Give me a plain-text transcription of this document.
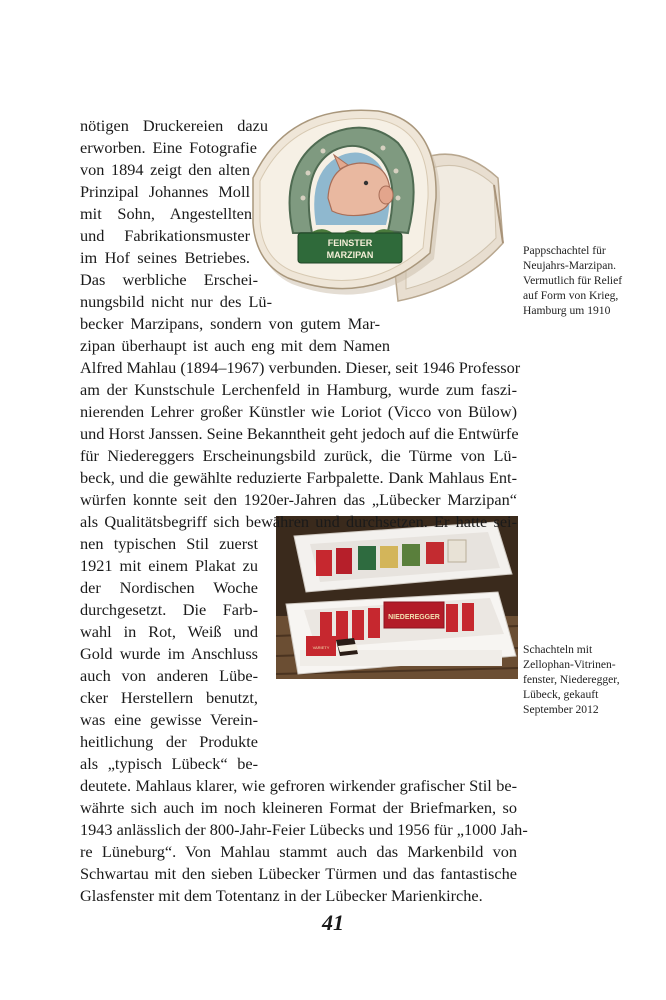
FEINSTER
MARZIPAN
NIEDEREGGER
VARIETY
nötigen Druckereien dazu
erworben. Eine Fotografie
von 1894 zeigt den alten
Prinzipal Johannes Moll
mit Sohn, Angestellten
und Fabrikationsmuster
im Hof seines Betriebes.
Das werbliche Erschei-
nungsbild nicht nur des Lü-
becker Marzipans, sondern von gutem Mar-
zipan überhaupt ist auch eng mit dem Namen
Alfred Mahlau (1894–1967) verbunden. Dieser, seit 1946 Professor
am der Kunstschule Lerchenfeld in Hamburg, wurde zum faszi-
nierenden Lehrer großer Künstler wie Loriot (Vicco von Bülow)
und Horst Janssen. Seine Bekanntheit geht jedoch auf die Entwürfe
für Niedereggers Erscheinungsbild zurück, die Türme von Lü-
beck, und die gewählte reduzierte Farbpalette. Dank Mahlaus Ent-
würfen konnte seit den 1920er-Jahren das „Lübecker Marzipan“
als Qualitätsbegriff sich bewähren und durchsetzen. Er hatte sei-
nen typischen Stil zuerst
1921 mit einem Plakat zu
der Nordischen Woche
durchgesetzt. Die Farb-
wahl in Rot, Weiß und
Gold wurde im Anschluss
auch von anderen Lübe-
cker Herstellern benutzt,
was eine gewisse Verein-
heitlichung der Produkte
als „typisch Lübeck“ be-
deutete. Mahlaus klarer, wie gefroren wirkender grafischer Stil be-
währte sich auch im noch kleineren Format der Briefmarken, so
1943 anlässlich der 800-Jahr-Feier Lübecks und 1956 für „1000 Jah-
re Lüneburg“. Von Mahlau stammt auch das Markenbild von
Schwartau mit den sieben Lübecker Türmen und das fantastische
Glasfenster mit dem Totentanz in der Lübecker Marienkirche.
Pappschachtel für
Neujahrs-Marzipan.
Vermutlich für Relief
auf Form von Krieg,
Hamburg um 1910
Schachteln mit
Zellophan-Vitrinen-
fenster, Niederegger,
Lübeck, gekauft
September 2012
41
